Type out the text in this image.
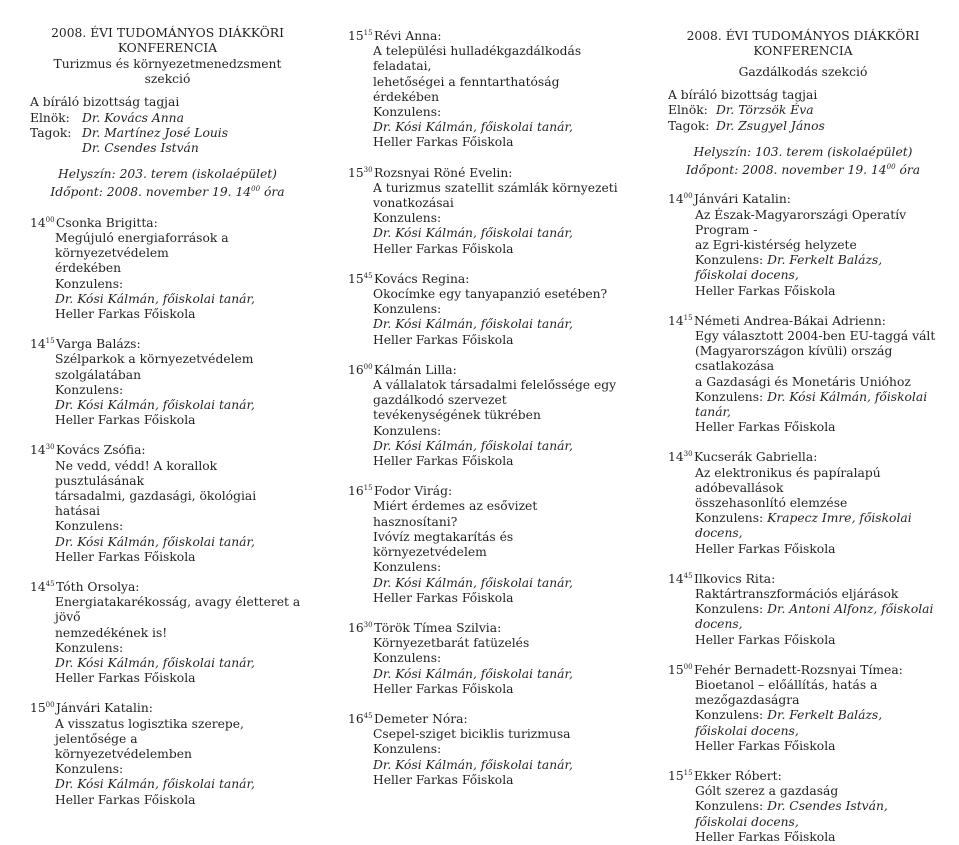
2008. ÉVI TUDOMÁNYOS DIÁKKÖRI
KONFERENCIA
Turizmus és környezetmenedzsment szekció
A bíráló bizottság tagjai
Elnök: Dr. Kovács Anna
Tagok: Dr. Martínez José Louis
Dr. Csendes István
Helyszín: 203. terem (iskolaépület)
Időpont: 2008. november 19. $14^{00}$ óra
$14^{00}Csonka$ Brigitta:
Megújuló energiaforrások a környezetvédelem
érdekében
Konzulens:
Dr. Kósi Kálmán, főiskolai tanár,
Heller Farkas Főiskola
$14^{15}Varga$ Balázs:
Szélparkok a környezetvédelem szolgálatában
Konzulens:
Dr. Kósi Kálmán, főiskolai tanár,
Heller Farkas Főiskola
$14^{30}Kovács$ Zsófia:
Ne vedd, védd! A korallok pusztulásának
társadalmi, gazdasági, ökológiai hatásai
Konzulens:
Dr. Kósi Kálmán, főiskolai tanár,
Heller Farkas Főiskola
$14^{45}Tóth$ Orsolya:
Energiatakarékosság, avagy életteret a jövő
nemzedékének is!
Konzulens:
Dr. Kósi Kálmán, főiskolai tanár,
Heller Farkas Főiskola
$15^{00}Jánvári$ Katalin:
A visszatus logisztika szerepe, jelentősége a
környezetvédelemben
Konzulens:
Dr. Kósi Kálmán, főiskolai tanár,
Heller Farkas Főiskola
$15^{15}Révi$ Anna:
A települési hulladékgazdálkodás feladatai,
lehetőségei a fenntarthatóság érdekében
Konzulens:
Dr. Kósi Kálmán, főiskolai tanár,
Heller Farkas Főiskola
$15^{30}Rozsnyai$ Röné Evelin:
A turizmus szatellit számlák környezeti
vonatkozásai
Konzulens:
Dr. Kósi Kálmán, főiskolai tanár,
Heller Farkas Főiskola
$15^{45}Kovács$ Regina:
Okocímke egy tanyapanzió esetében?
Konzulens:
Dr. Kósi Kálmán, főiskolai tanár,
Heller Farkas Főiskola
$16^{00}Kálmán$ Lilla:
A vállalatok társadalmi felelőssége egy
gazdálkodó szervezet tevékenységének tükrében
Konzulens:
Dr. Kósi Kálmán, főiskolai tanár,
Heller Farkas Főiskola
$16^{15}Fodor$ Virág:
Miért érdemes az esővizet hasznosítani?
Ivóvíz megtakarítás és környezetvédelem
Konzulens:
Dr. Kósi Kálmán, főiskolai tanár,
Heller Farkas Főiskola
$16^{30}Török$ Tímea Szilvia:
Környezetbarát fatüzelés
Konzulens:
Dr. Kósi Kálmán, főiskolai tanár,
Heller Farkas Főiskola
$16^{45}Demeter$ Nóra:
Csepel-sziget biciklis turizmusa
Konzulens:
Dr. Kósi Kálmán, főiskolai tanár,
Heller Farkas Főiskola
2008. ÉVI TUDOMÁNYOS DIÁKKÖRI
KONFERENCIA
Gazdálkodás szekció
A bíráló bizottság tagjai
Elnök: Dr. Törzsök Éva
Tagok: Dr. Zsugyel János
Helyszín: 103. terem (iskolaépület)
Időpont: 2008. november 19. $14^{00}$ óra
$14^{00}Jánvári$ Katalin:
Az Észak-Magyarországi Operatív Program -
az Egri-kistérség helyzete
Konzulens: Dr. Ferkelt Balázs, főiskolai docens,
Heller Farkas Főiskola
$14^{15}Németi$ Andrea-Bákai Adrienn:
Egy választott 2004-ben EU-taggá vált
(Magyarországon kívüli) ország csatlakozása
a Gazdasági és Monetáris Unióhoz
Konzulens: Dr. Kósi Kálmán, főiskolai tanár,
Heller Farkas Főiskola
$14^{30}Kucserák$ Gabriella:
Az elektronikus és papíralapú adóbevallások
összehasonlító elemzése
Konzulens: Krapecz Imre, főiskolai docens,
Heller Farkas Főiskola
$14^{45}Ilkovics$ Rita:
Raktártranszformációs eljárások
Konzulens: Dr. Antoni Alfonz, főiskolai docens,
Heller Farkas Főiskola
$15^{00}Fehér$ Bernadett-Rozsnyai Tímea:
Bioetanol – előállítás, hatás a mezőgazdaságra
Konzulens: Dr. Ferkelt Balázs, főiskolai docens,
Heller Farkas Főiskola
$15^{15}Ekker$ Róbert:
Gólt szerez a gazdaság
Konzulens: Dr. Csendes István, főiskolai docens,
Heller Farkas Főiskola
